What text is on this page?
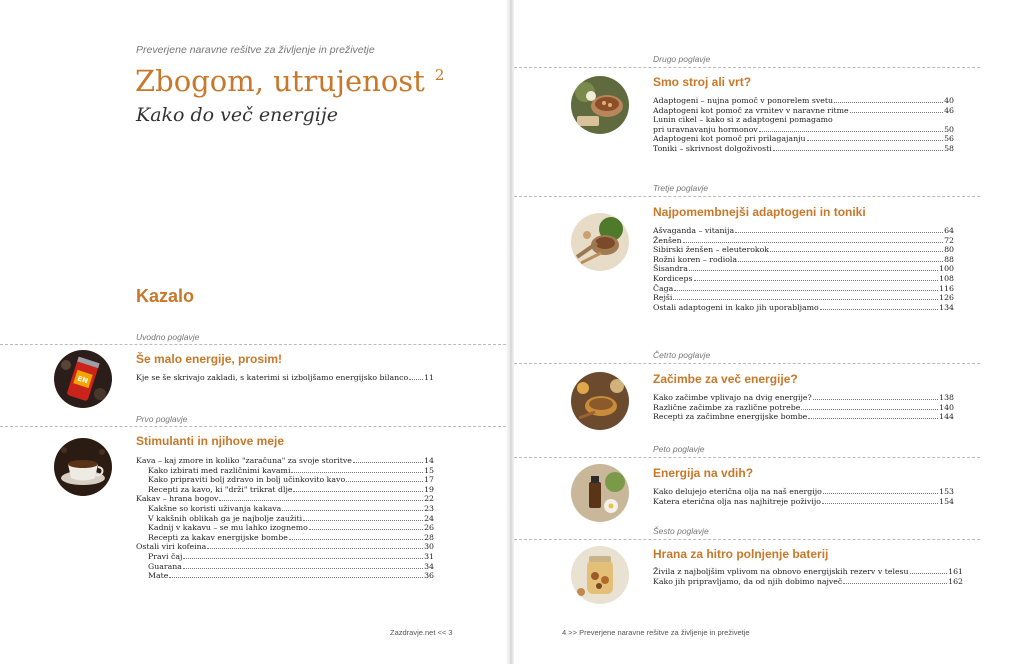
Preverjene naravne rešitve za življenje in preživetje
Zbogom, utrujenost $^2$
Kako do več energije
Kazalo
Uvodno poglavje
EN
Še malo energije, prosim!
Kje se še skrivajo zakladi, s katerimi si izboljšamo energijsko bilanco 11
Prvo poglavje
Stimulanti in njihove meje
Kava – kaj zmore in koliko "zaračuna" za svoje storitve	14
Kako izbirati med različnimi kavami	15
Kako pripraviti bolj zdravo in bolj učinkovito kavo	17
Recepti za kavo, ki "drži" trikrat dlje	19
Kakav – hrana bogov	22
Kakšne so koristi uživanja kakava	23
V kakšnih oblikah ga je najbolje zaužiti	24
Kadnij v kakavu – se mu lahko izognemo	26
Recepti za kakav energijske bombe	28
Ostali viri kofeina	30
Pravi čaj	31
Guarana	34
Mate	36
Zazdravje.net << 3
Drugo poglavje
Smo stroj ali vrt?
Adaptogeni – nujna pomoč v ponorelem svetu	40
Adaptogeni kot pomoč za vrnitev v naravne ritme	46
Lunin cikel – kako si z adaptogeni pomagamo
pri uravnavanju hormonov	50
Adaptogeni kot pomoč pri prilagajanju	56
Toniki – skrivnost dolgoživosti	58
Tretje poglavje
Najpomembnejši adaptogeni in toniki
Ašvaganda – vitanija	64
Ženšen	72
Sibirski ženšen – eleuterokok	80
Rožni koren – rodiola	88
Šisandra	100
Kordiceps	108
Čaga	116
Rejši	126
Ostali adaptogeni in kako jih uporabljamo	134
Četrto poglavje
Začimbe za več energije?
Kako začimbe vplivajo na dvig energije?	138
Različne začimbe za različne potrebe	140
Recepti za začimbne energijske bombe	144
Peto poglavje
Energija na vdih?
Kako delujejo eterična olja na naš energijo	153
Katera eterična olja nas najhitreje poživijo	154
Šesto poglavje
Hrana za hitro polnjenje baterij
Živila z najboljšim vplivom na obnovo energijskih rezerv v telesu	161
Kako jih pripravljamo, da od njih dobimo največ	162
4 >> Preverjene naravne rešitve za življenje in preživetje
